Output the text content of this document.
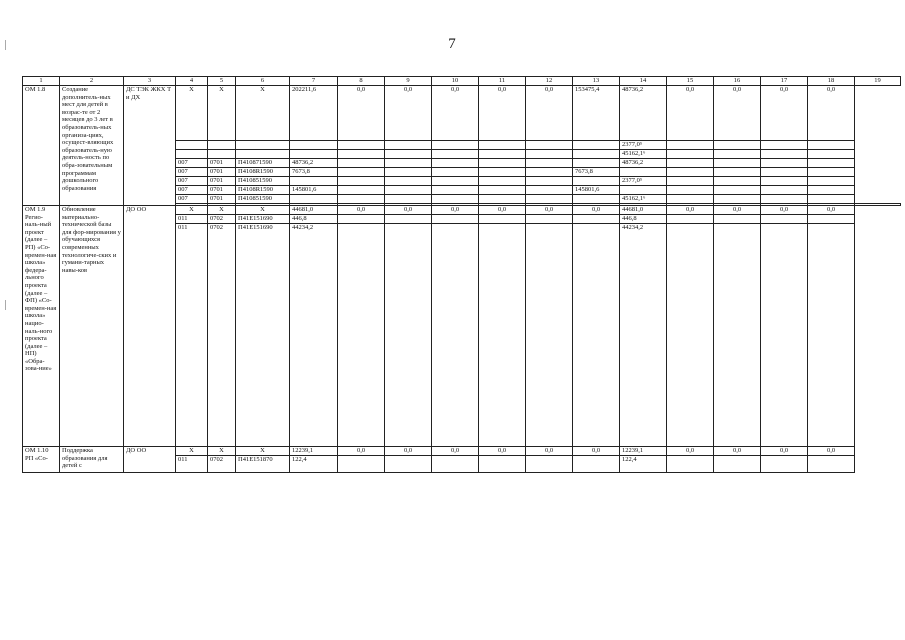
7
1	2	3	4	5	6	7	8	9	10	11	12	13	14	15	16	17	18	19
ОМ 1.8	Создание дополнитель-ных мест для детей в возрас-те от 2 месяцев до 3 лет в образователь-ных организа-циях, осущест-вляющих образователь-ную деятель-ность по обра-зовательным программам дошкольного образования	ДС ТЭК ЖКХ Т и ДХ	Х	Х	Х	202211,6	0,0	0,0	0,0	0,0	0,0	153475,4	48736,2	0,0	0,0	0,0	0,0	
													2377,0⁵					
													45162,1⁶					
			007	0701	П410871590	48736,2							48736,2					
			007	0701	П4108R1590	7673,8						7673,8						
			007	0701	П410851590								2377,0⁵					
			007	0701	П4108R1590	145801,6						145801,6						
			007	0701	П410851590								45162,1⁶					

ОМ 1.9 Регио-наль-ный проект (далее – РП) «Со-времен-ная школа» федера-льного проекта (далее – ФП) «Со-времен-ная школа» нацио-наль-ного проекта (далее – НП) «Обра-зова-ние»	Обновление материально-технической базы для фор-мирования у обучающихся современных технологиче-ских и гумани-тарных навы-ков	ДО ОО	Х	Х	Х	44681,0	0,0	0,0	0,0	0,0	0,0	0,0	44681,0	0,0	0,0	0,0	0,0	
			011	0702	П41Е151690	446,8							446,8					
			011	0702	П41Е151690	44234,2							44234,2					
ОМ 1.10 РП «Со-	Поддержка образования для детей с	ДО ОО	Х	Х	Х	12239,1	0,0	0,0	0,0	0,0	0,0	0,0	12239,1	0,0	0,0	0,0	0,0	
			011	0702	П41Е151870	122,4							122,4					
